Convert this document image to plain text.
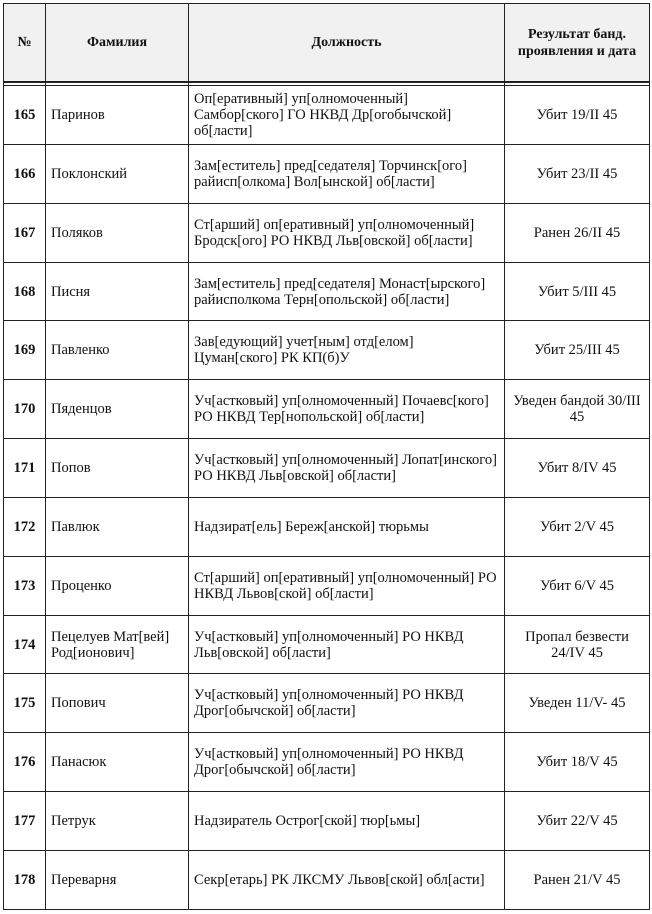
№	Фамилия	Должность	Результат банд. проявления и дата

165	Паринов	Оп[еративный] уп[олномоченный] Самбор[ского] ГО НКВД Др[огобычской] об[ласти]	Убит 19/II 45
166	Поклонский	Зам[еститель] пред[седателя] Торчинск[ого] райисп[олкома] Вол[ынской] об[ласти]	Убит 23/II 45
167	Поляков	Ст[арший] оп[еративный] уп[олномоченный] Бродск[ого] РО НКВД Льв[овской] об[ласти]	Ранен 26/II 45
168	Писня	Зам[еститель] пред[седателя] Монаст[ырского] райисполкома Терн[опольской] об[ласти]	Убит 5/III 45
169	Павленко	Зав[едующий] учет[ным] отд[елом] Цуман[ского] РК КП(б)У	Убит 25/III 45
170	Пяденцов	Уч[астковый] уп[олномоченный] Почаевс[кого] РО НКВД Тер[нопольской] об[ласти]	Уведен бандой 30/III 45
171	Попов	Уч[астковый] уп[олномоченный] Лопат[инского] РО НКВД Льв[овской] об[ласти]	Убит 8/IV 45
172	Павлюк	Надзират[ель] Береж[анской] тюрьмы	Убит 2/V 45
173	Проценко	Ст[арший] оп[еративный] уп[олномоченный] РО НКВД Львов[ской] об[ласти]	Убит 6/V 45
174	Пецелуев Мат[вей] Род[ионович]	Уч[астковый] уп[олномоченный] РО НКВД Льв[овской] об[ласти]	Пропал безвести 24/IV 45
175	Попович	Уч[астковый] уп[олномоченный] РО НКВД Дрог[обычской] об[ласти]	Уведен 11/V- 45
176	Панасюк	Уч[астковый] уп[олномоченный] РО НКВД Дрог[обычской] об[ласти]	Убит 18/V 45
177	Петрук	Надзиратель Острог[ской] тюр[ьмы]	Убит 22/V 45
178	Переварня	Секр[етарь] РК ЛКСМУ Львов[ской] обл[асти]	Ранен 21/V 45
